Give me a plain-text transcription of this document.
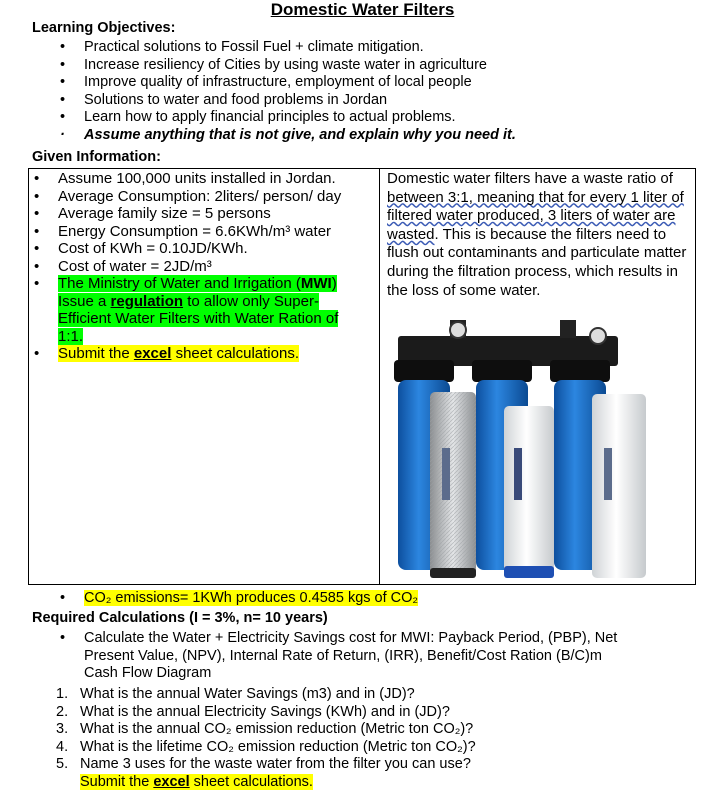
Domestic Water Filters
Learning Objectives:
• Practical solutions to Fossil Fuel + climate mitigation.
• Increase resiliency of Cities by using waste water in agriculture
• Improve quality of infrastructure, employment of local people
• Solutions to water and food problems in Jordan
• Learn how to apply financial principles to actual problems.
· Assume anything that is not give, and explain why you need it.
Given Information:
• Assume 100,000 units installed in Jordan.
• Average Consumption: 2liters/ person/ day
• Average family size = 5 persons
• Energy Consumption = 6.6KWh/m³ water
• Cost of KWh = 0.10JD/KWh.
• Cost of water = 2JD/m³
• The Ministry of Water and Irrigation (MWI) Issue a regulation to allow only Super-Efficient Water Filters with Water Ration of 1:1.
• Submit the excel sheet calculations.
Domestic water filters have a waste ratio of between 3:1, meaning that for every 1 liter of filtered water produced, 3 liters of water are wasted. This is because the filters need to flush out contaminants and particulate matter during the filtration process, which results in the loss of some water.
• CO₂ emissions= 1KWh produces 0.4585 kgs of CO₂
Required Calculations (I = 3%, n= 10 years)
• Calculate the Water + Electricity Savings cost for MWI: Payback Period, (PBP), Net Present Value, (NPV), Internal Rate of Return, (IRR), Benefit/Cost Ration (B/C)m Cash Flow Diagram
1. What is the annual Water Savings (m3) and in (JD)?
2. What is the annual Electricity Savings (KWh) and in (JD)?
3. What is the annual CO₂ emission reduction (Metric ton CO₂)?
4. What is the lifetime CO₂ emission reduction (Metric ton CO₂)?
5. Name 3 uses for the waste water from the filter you can use?
Submit the excel sheet calculations.
